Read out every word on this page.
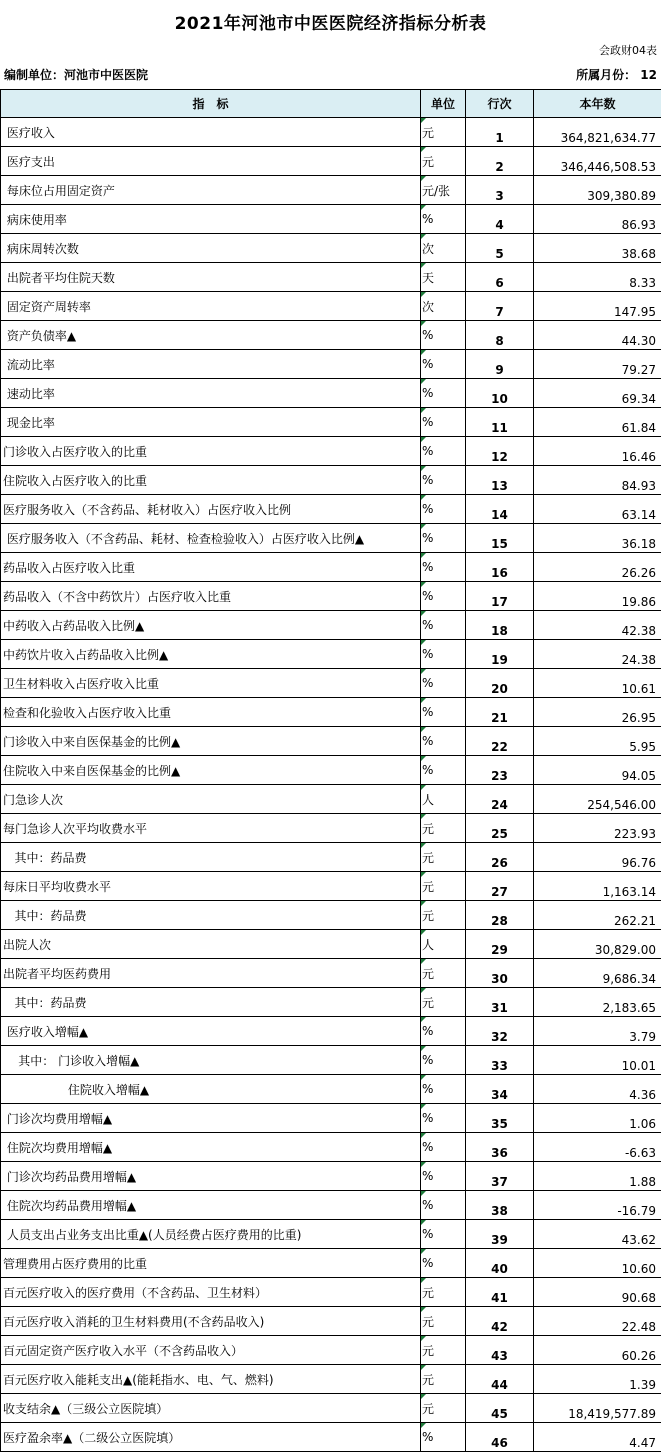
2021年河池市中医医院经济指标分析表
会政财04表
编制单位：河池市中医医院	所属月份： 12
指　标	单位	行次	本年数
医疗收入	元	1	364,821,634.77
医疗支出	元	2	346,446,508.53
每床位占用固定资产	元/张	3	309,380.89
病床使用率	%	4	86.93
病床周转次数	次	5	38.68
出院者平均住院天数	天	6	8.33
固定资产周转率	次	7	147.95
资产负债率▲	%	8	44.30
流动比率	%	9	79.27
速动比率	%	10	69.34
现金比率	%	11	61.84
门诊收入占医疗收入的比重	%	12	16.46
住院收入占医疗收入的比重	%	13	84.93
医疗服务收入（不含药品、耗材收入）占医疗收入比例	%	14	63.14
医疗服务收入（不含药品、耗材、检查检验收入）占医疗收入比例▲	%	15	36.18
药品收入占医疗收入比重	%	16	26.26
药品收入（不含中药饮片）占医疗收入比重	%	17	19.86
中药收入占药品收入比例▲	%	18	42.38
中药饮片收入占药品收入比例▲	%	19	24.38
卫生材料收入占医疗收入比重	%	20	10.61
检查和化验收入占医疗收入比重	%	21	26.95
门诊收入中来自医保基金的比例▲	%	22	5.95
住院收入中来自医保基金的比例▲	%	23	94.05
门急诊人次	人	24	254,546.00
每门急诊人次平均收费水平	元	25	223.93
其中：药品费	元	26	96.76
每床日平均收费水平	元	27	1,163.14
其中：药品费	元	28	262.21
出院人次	人	29	30,829.00
出院者平均医药费用	元	30	9,686.34
其中：药品费	元	31	2,183.65
医疗收入增幅▲	%	32	3.79
其中： 门诊收入增幅▲	%	33	10.01
住院收入增幅▲	%	34	4.36
门诊次均费用增幅▲	%	35	1.06
住院次均费用增幅▲	%	36	-6.63
门诊次均药品费用增幅▲	%	37	1.88
住院次均药品费用增幅▲	%	38	-16.79
人员支出占业务支出比重▲(人员经费占医疗费用的比重)	%	39	43.62
管理费用占医疗费用的比重	%	40	10.60
百元医疗收入的医疗费用（不含药品、卫生材料）	元	41	90.68
百元医疗收入消耗的卫生材料费用(不含药品收入)	元	42	22.48
百元固定资产医疗收入水平（不含药品收入）	元	43	60.26
百元医疗收入能耗支出▲(能耗指水、电、气、燃料)	元	44	1.39
收支结余▲（三级公立医院填）	元	45	18,419,577.89
医疗盈余率▲（二级公立医院填）	%	46	4.47
